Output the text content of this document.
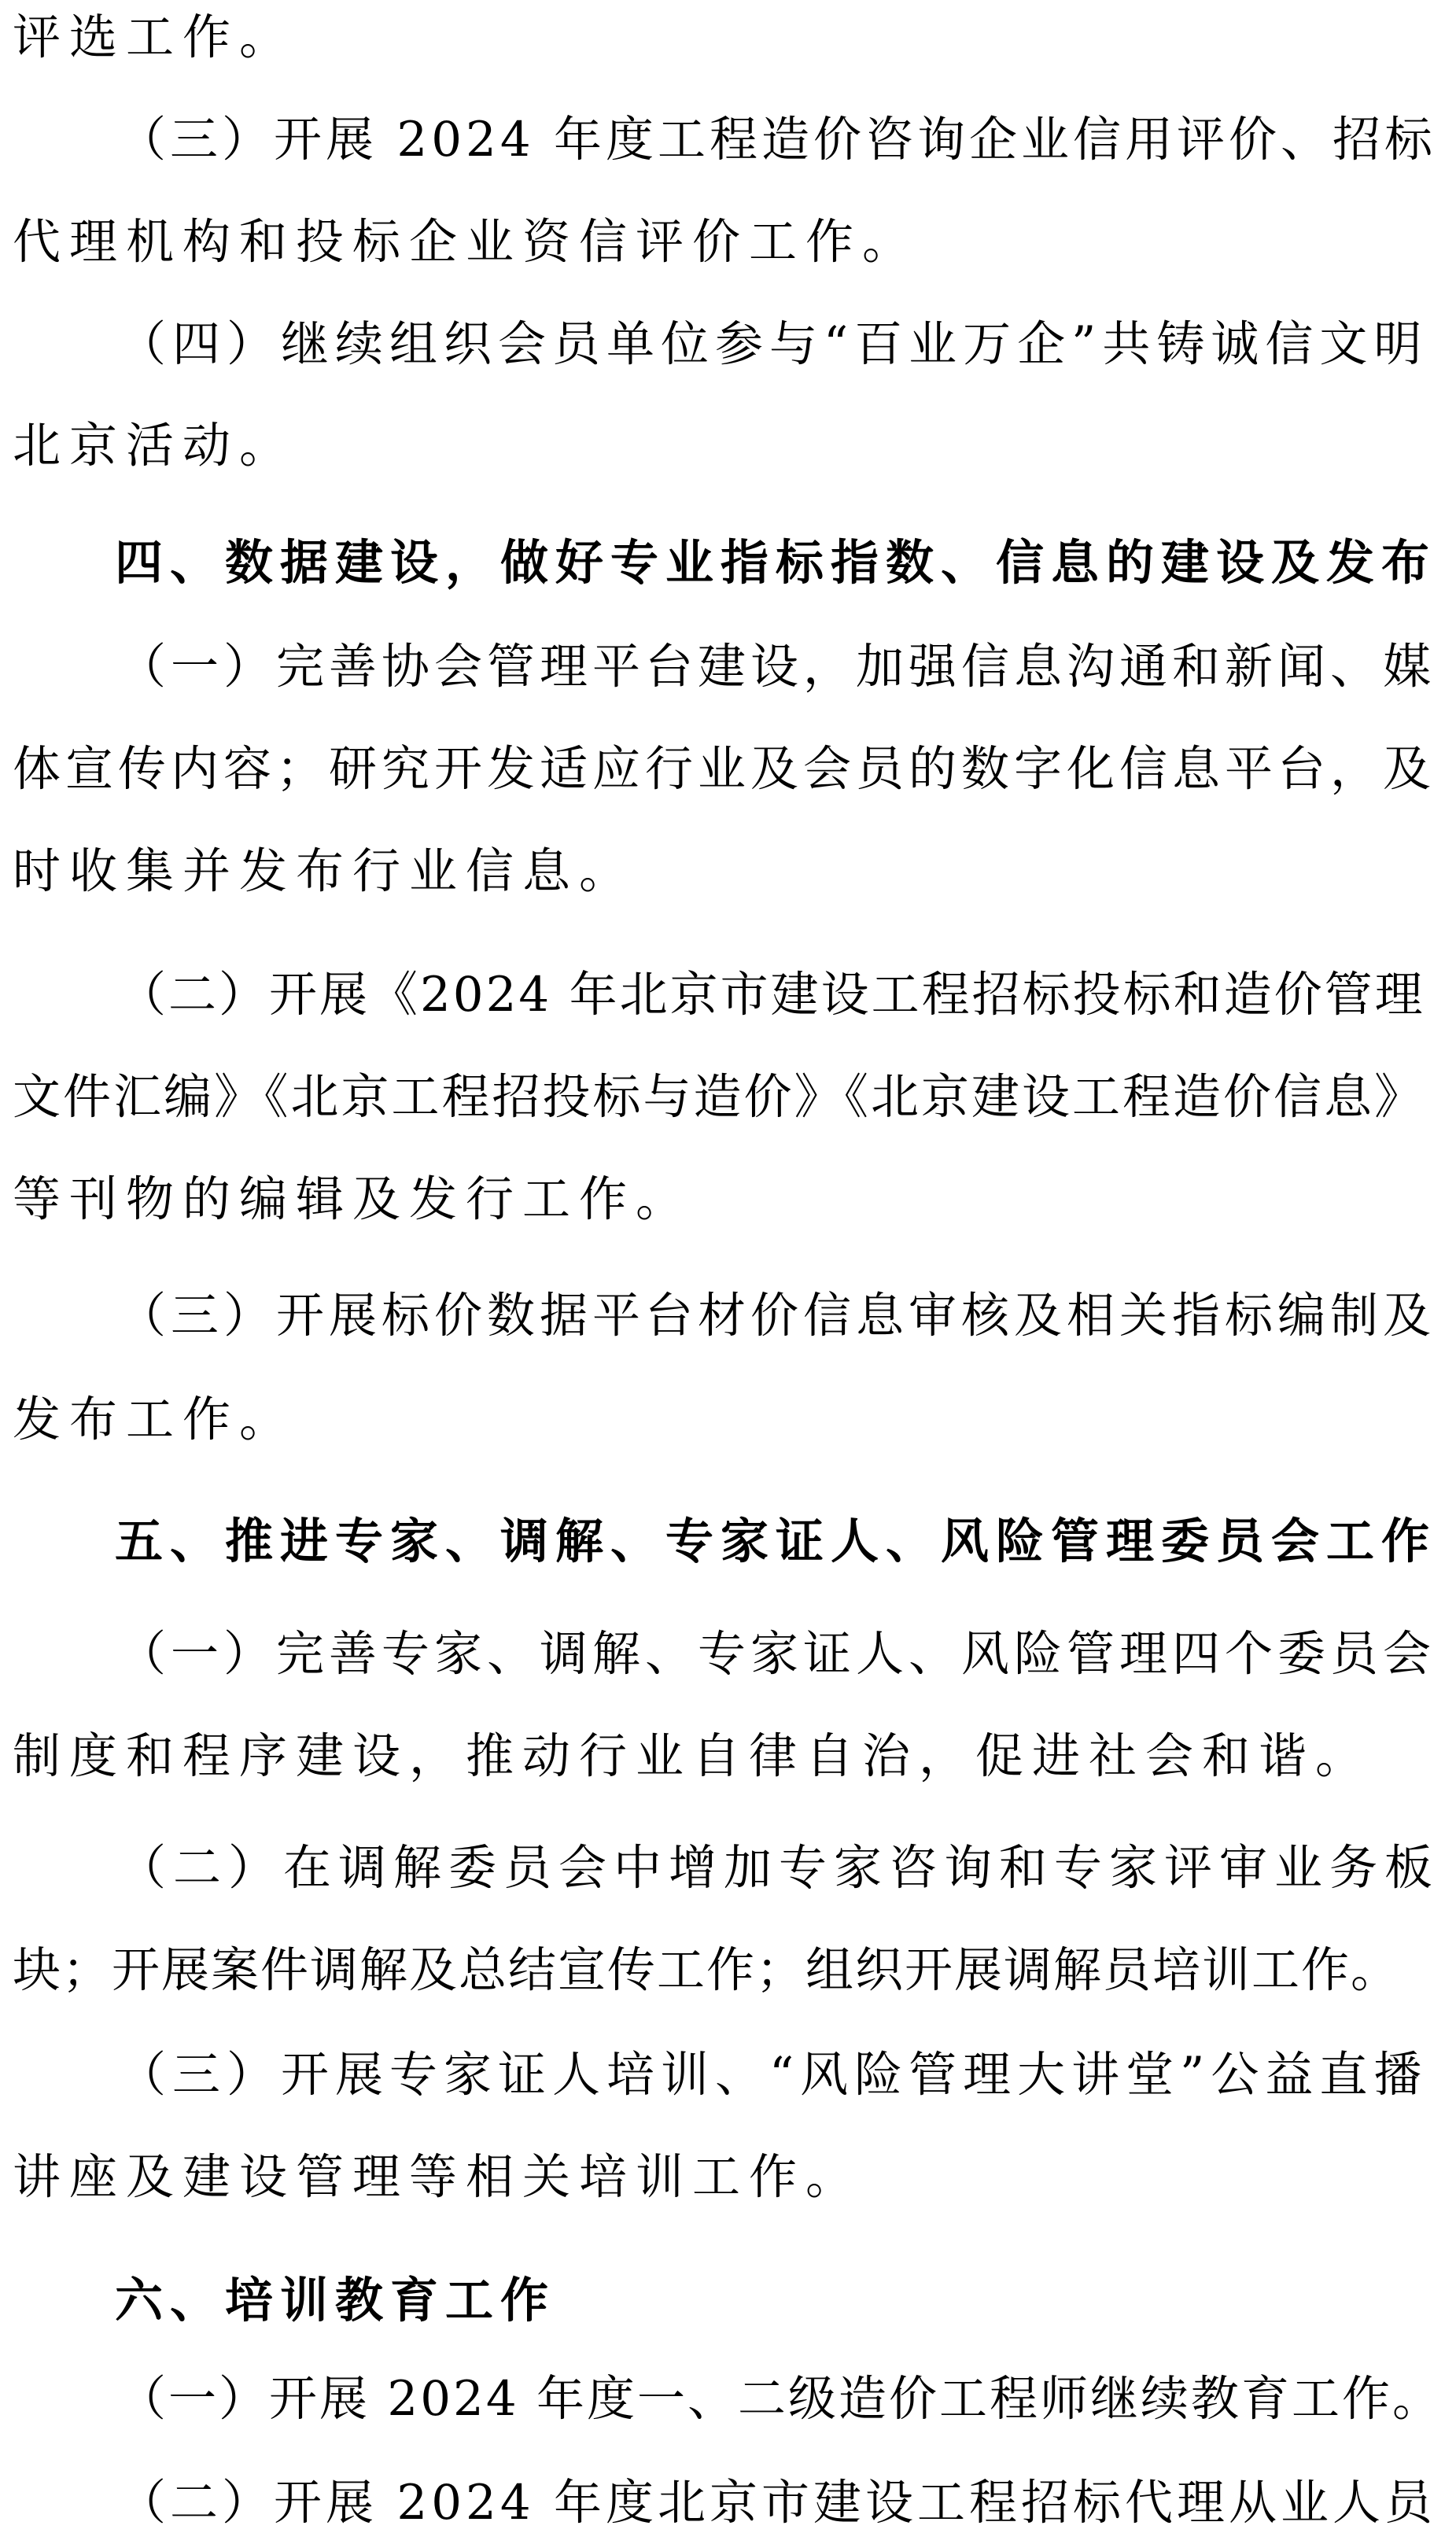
评选工作。
（三）开展 2024 年度工程造价咨询企业信用评价、招标
代理机构和投标企业资信评价工作。
（四）继续组织会员单位参与“百业万企”共铸诚信文明
北京活动。
四、数据建设，做好专业指标指数、信息的建设及发布
（一）完善协会管理平台建设，加强信息沟通和新闻、媒
体宣传内容；研究开发适应行业及会员的数字化信息平台，及
时收集并发布行业信息。
（二）开展《2024 年北京市建设工程招标投标和造价管理
文件汇编》《北京工程招投标与造价》《北京建设工程造价信息》
等刊物的编辑及发行工作。
（三）开展标价数据平台材价信息审核及相关指标编制及
发布工作。
五、推进专家、调解、专家证人、风险管理委员会工作
（一）完善专家、调解、专家证人、风险管理四个委员会
制度和程序建设，推动行业自律自治，促进社会和谐。
（二）在调解委员会中增加专家咨询和专家评审业务板
块；开展案件调解及总结宣传工作；组织开展调解员培训工作。
（三）开展专家证人培训、“风险管理大讲堂”公益直播
讲座及建设管理等相关培训工作。
六、培训教育工作
（一）开展 2024 年度一、二级造价工程师继续教育工作。
（二）开展 2024 年度北京市建设工程招标代理从业人员
